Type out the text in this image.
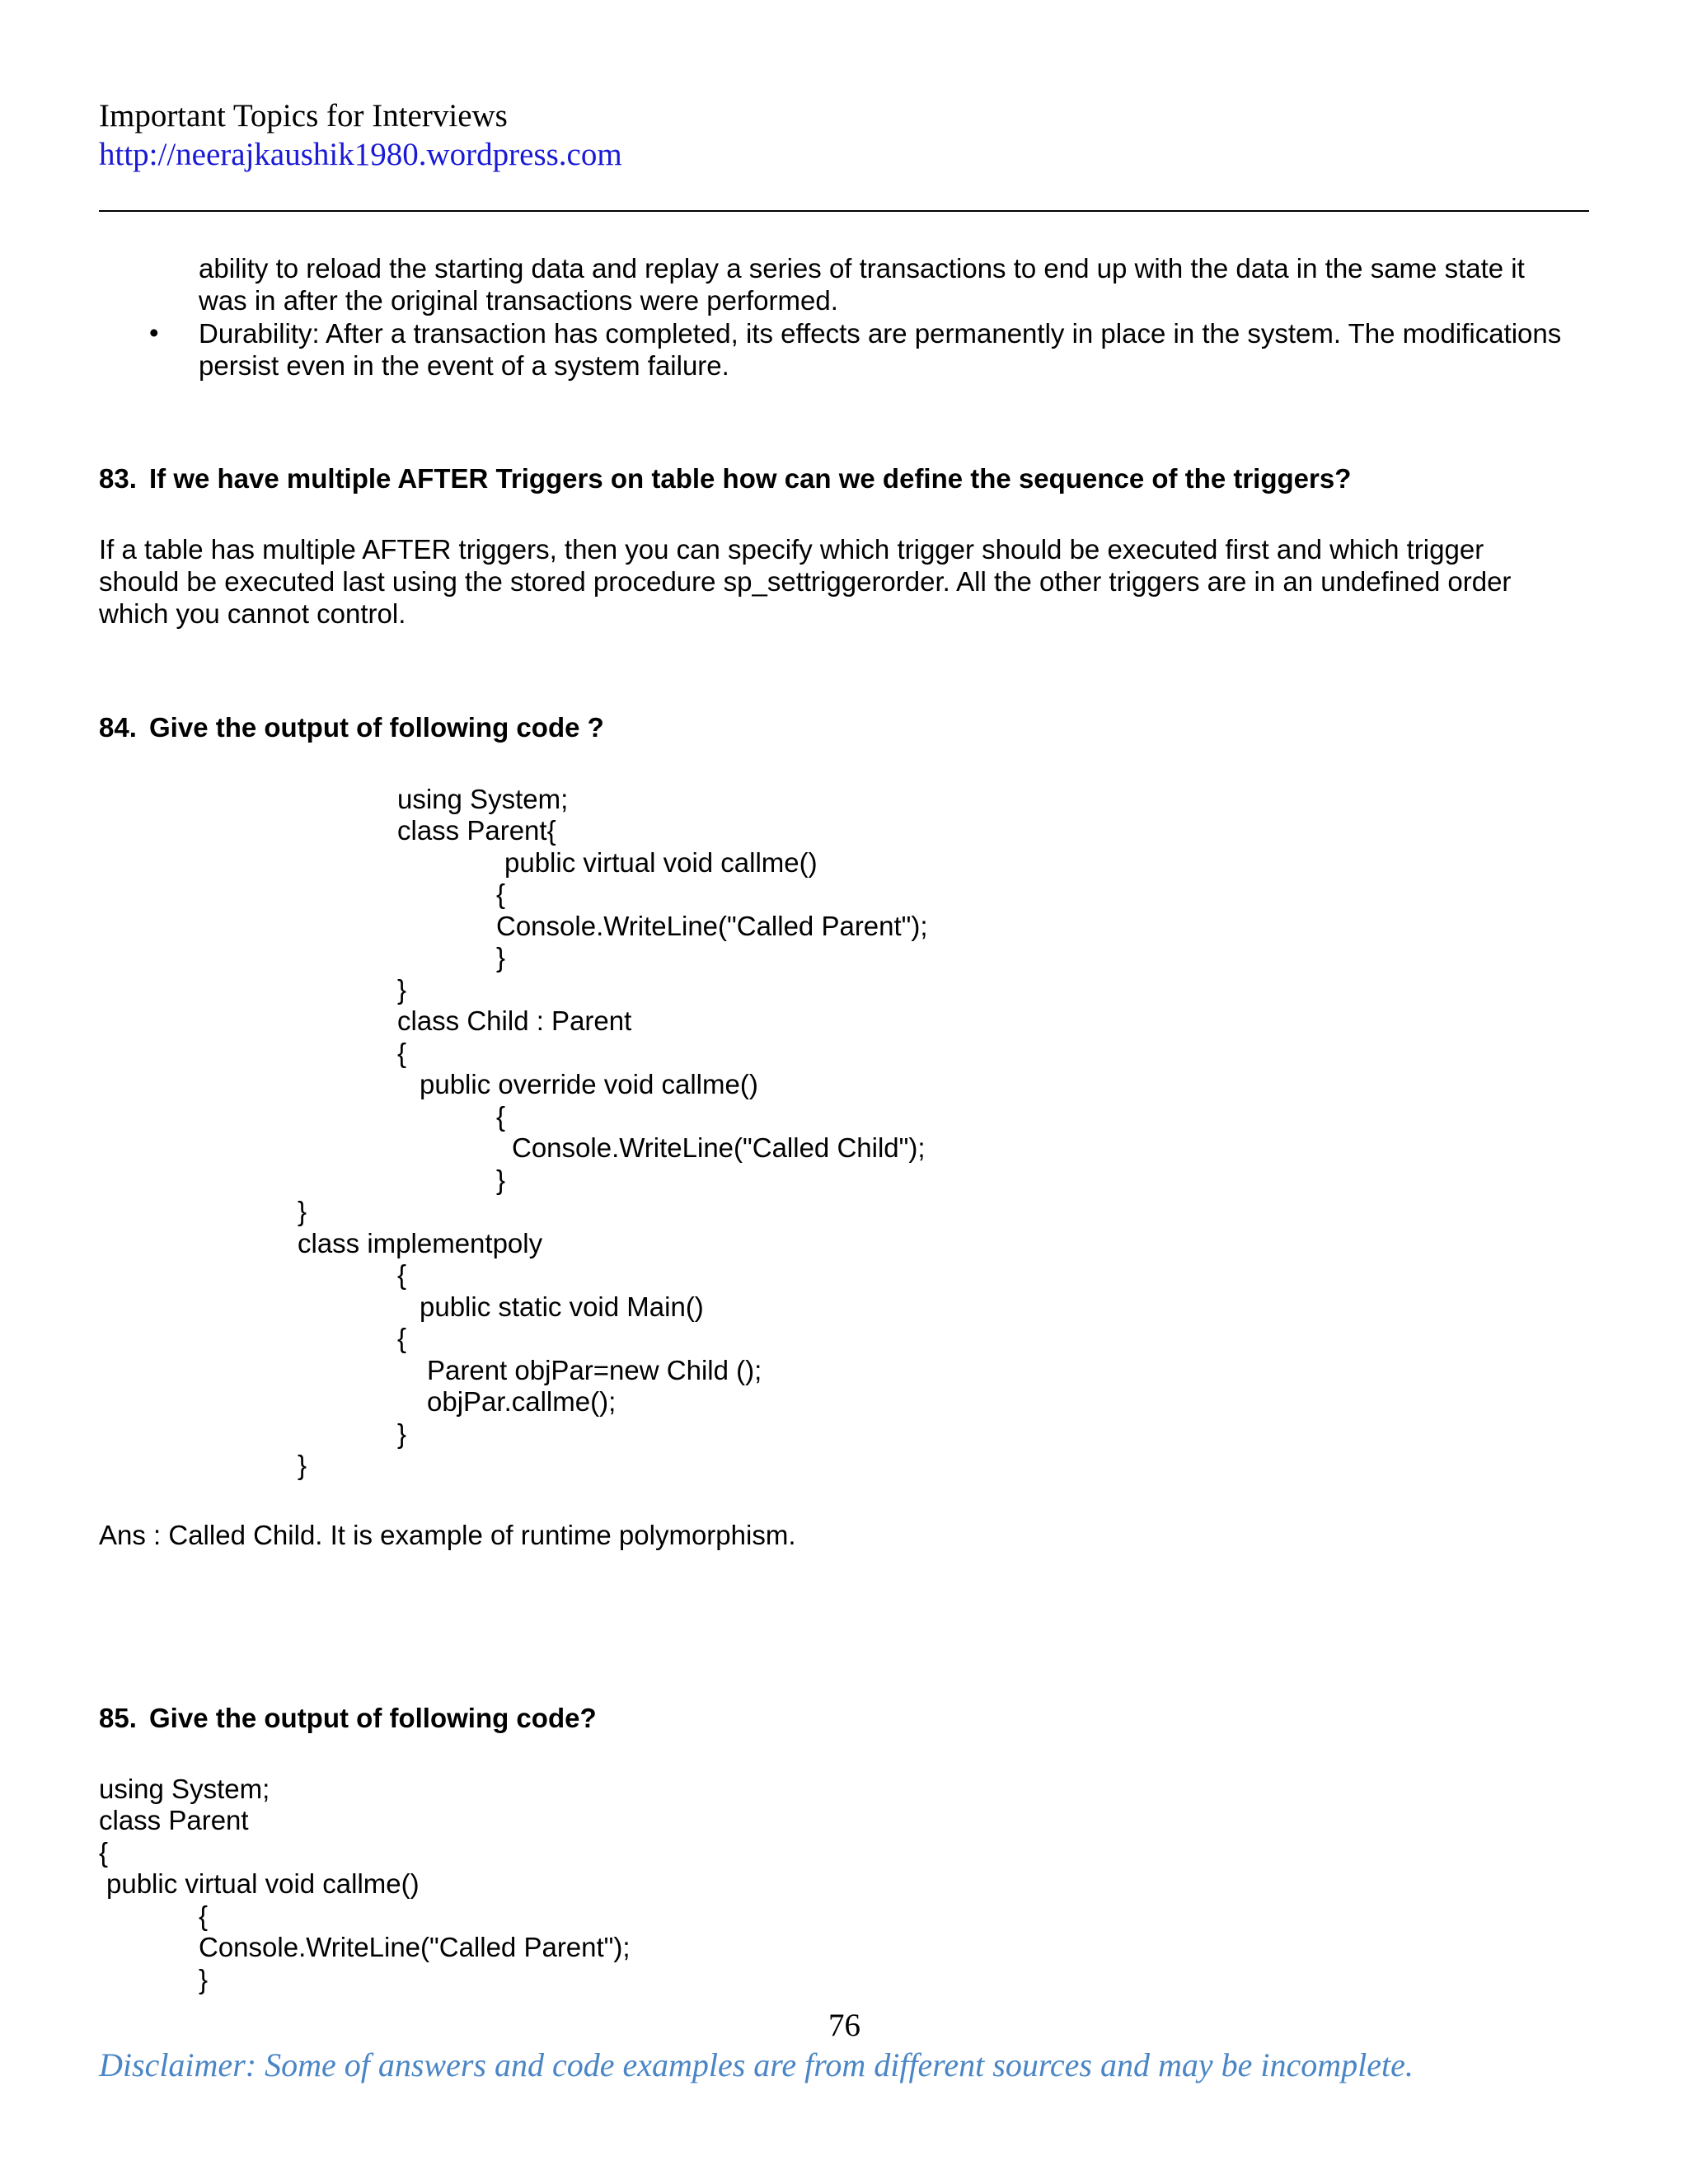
Important Topics for Interviews
http://neerajkaushik1980.wordpress.com
ability to reload the starting data and replay a series of transactions to end up with the data in the same state it
was in after the original transactions were performed.
• Durability: After a transaction has completed, its effects are permanently in place in the system. The modifications
persist even in the event of a system failure.
83. If we have multiple AFTER Triggers on table how can we define the sequence of the triggers?
If a table has multiple AFTER triggers, then you can specify which trigger should be executed first and which trigger
should be executed last using the stored procedure sp_settriggerorder. All the other triggers are in an undefined order
which you cannot control.
84. Give the output of following code ?
using System;
class Parent{
public virtual void callme()
{
Console.WriteLine("Called Parent");
}
}
class Child : Parent
{
public override void callme()
{
Console.WriteLine("Called Child");
}
}
class implementpoly
{
public static void Main()
{
Parent objPar=new Child ();
objPar.callme();
}
}
Ans : Called Child. It is example of runtime polymorphism.
85. Give the output of following code?
using System;
class Parent
{
public virtual void callme()
{
Console.WriteLine("Called Parent");
}
76
Disclaimer: Some of answers and code examples are from different sources and may be incomplete.
